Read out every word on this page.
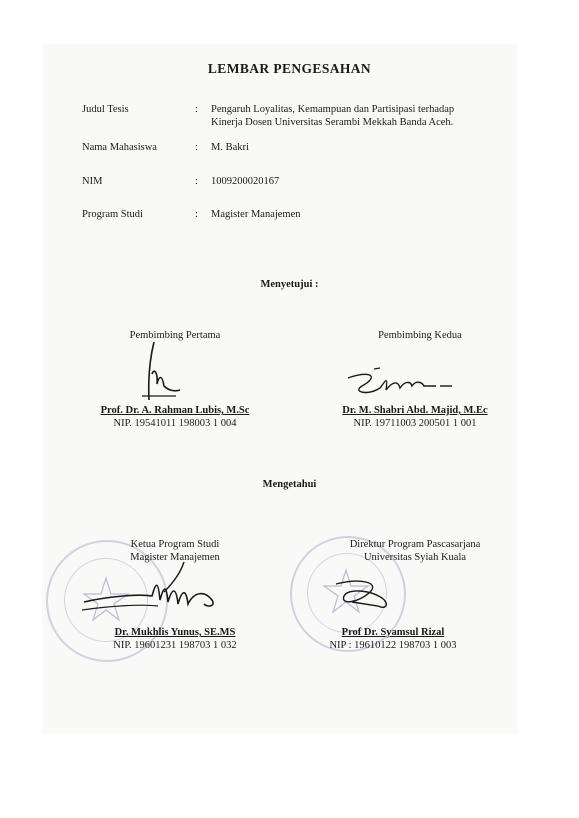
LEMBAR PENGESAHAN
Judul Tesis	: Pengaruh Loyalitas, Kemampuan dan Partisipasi terhadap
Kinerja Dosen Universitas Serambi Mekkah Banda Aceh.
Nama Mahasiswa	: M. Bakri
NIM	: 1009200020167
Program Studi	: Magister Manajemen
Menyetujui :
Pembimbing Pertama	Pembimbing Kedua
Prof. Dr. A. Rahman Lubis, M.Sc
NIP. 19541011 198003 1 004
Dr. M. Shabri Abd. Majid, M.Ec
NIP. 19711003 200501 1 001
Mengetahui
Ketua Program Studi
Magister Manajemen
Direktur Program Pascasarjana
Universitas Syiah Kuala
Dr. Mukhlis Yunus, SE.MS
NIP. 19601231 198703 1 032
Prof Dr. Syamsul Rizal
NIP : 19610122 198703 1 003
